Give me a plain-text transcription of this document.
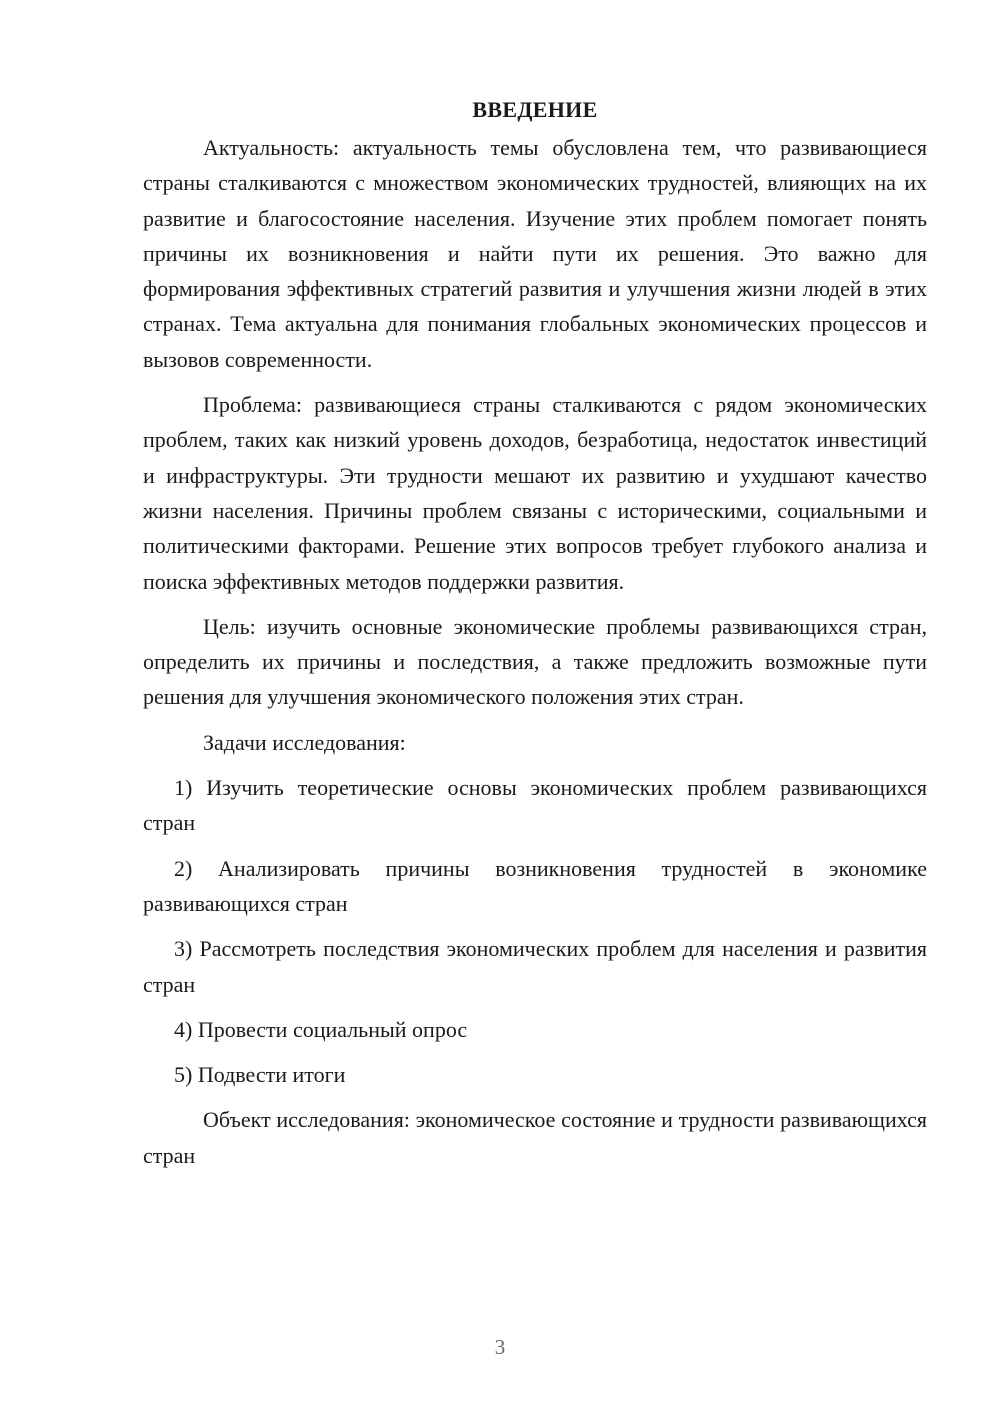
ВВЕДЕНИЕ

Актуальность: актуальность темы обусловлена тем, что развивающиеся страны сталкиваются с множеством экономических трудностей, влияющих на их развитие и благосостояние населения. Изучение этих проблем помогает понять причины их возникновения и найти пути их решения. Это важно для формирования эффективных стратегий развития и улучшения жизни людей в этих странах. Тема актуальна для понимания глобальных экономических процессов и вызовов современности.

Проблема: развивающиеся страны сталкиваются с рядом экономических проблем, таких как низкий уровень доходов, безработица, недостаток инвестиций и инфраструктуры. Эти трудности мешают их развитию и ухудшают качество жизни населения. Причины проблем связаны с историческими, социальными и политическими факторами. Решение этих вопросов требует глубокого анализа и поиска эффективных методов поддержки развития.

Цель: изучить основные экономические проблемы развивающихся стран, определить их причины и последствия, а также предложить возможные пути решения для улучшения экономического положения этих стран.

Задачи исследования:

1) Изучить теоретические основы экономических проблем развивающихся стран

2) Анализировать причины возникновения трудностей в экономике развивающихся стран

3) Рассмотреть последствия экономических проблем для населения и развития стран

4) Провести социальный опрос

5) Подвести итоги

Объект исследования: экономическое состояние и трудности развивающихся стран

3
